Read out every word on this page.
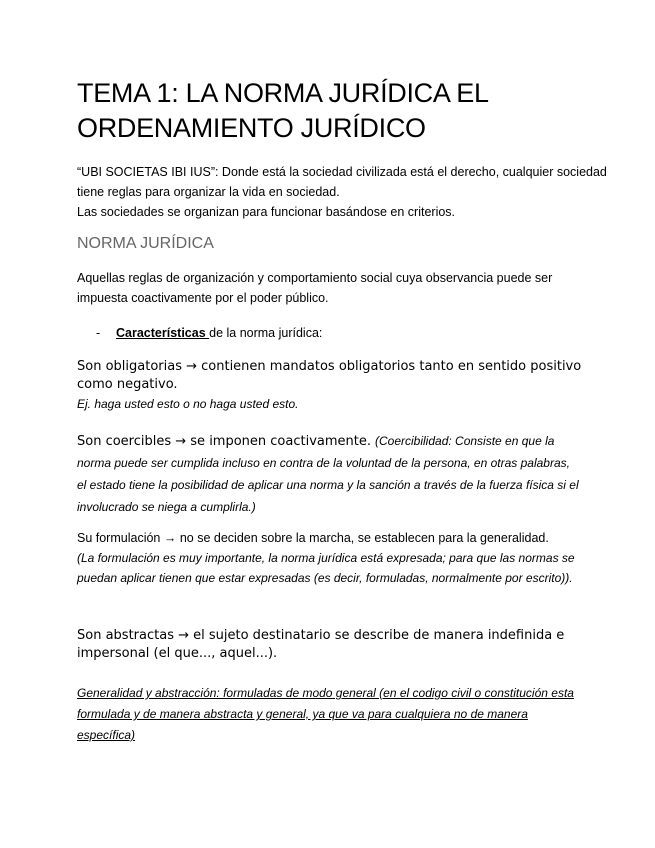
TEMA 1: LA NORMA JURÍDICA EL ORDENAMIENTO JURÍDICO

“UBI SOCIETAS IBI IUS”: Donde está la sociedad civilizada está el derecho, cualquier sociedad tiene reglas para organizar la vida en sociedad.
Las sociedades se organizan para funcionar basándose en criterios.

NORMA JURÍDICA

Aquellas reglas de organización y comportamiento social cuya observancia puede ser impuesta coactivamente por el poder público.

- Características de la norma jurídica:

Son obligatorias → contienen mandatos obligatorios tanto en sentido positivo como negativo.
Ej. haga usted esto o no haga usted esto.
Son coercibles → se imponen coactivamente. (Coercibilidad: Consiste en que la norma puede ser cumplida incluso en contra de la voluntad de la persona, en otras palabras, el estado tiene la posibilidad de aplicar una norma y la sanción a través de la fuerza física si el involucrado se niega a cumplirla.)
Su formulación → no se deciden sobre la marcha, se establecen para la generalidad.
(La formulación es muy importante, la norma jurídica está expresada; para que las normas se puedan aplicar tienen que estar expresadas (es decir, formuladas, normalmente por escrito)).
Son abstractas → el sujeto destinatario se describe de manera indefinida e impersonal (el que..., aquel...).
Generalidad y abstracción: formuladas de modo general (en el codigo civil o constitución esta formulada y de manera abstracta y general, ya que va para cualquiera no de manera específica)
